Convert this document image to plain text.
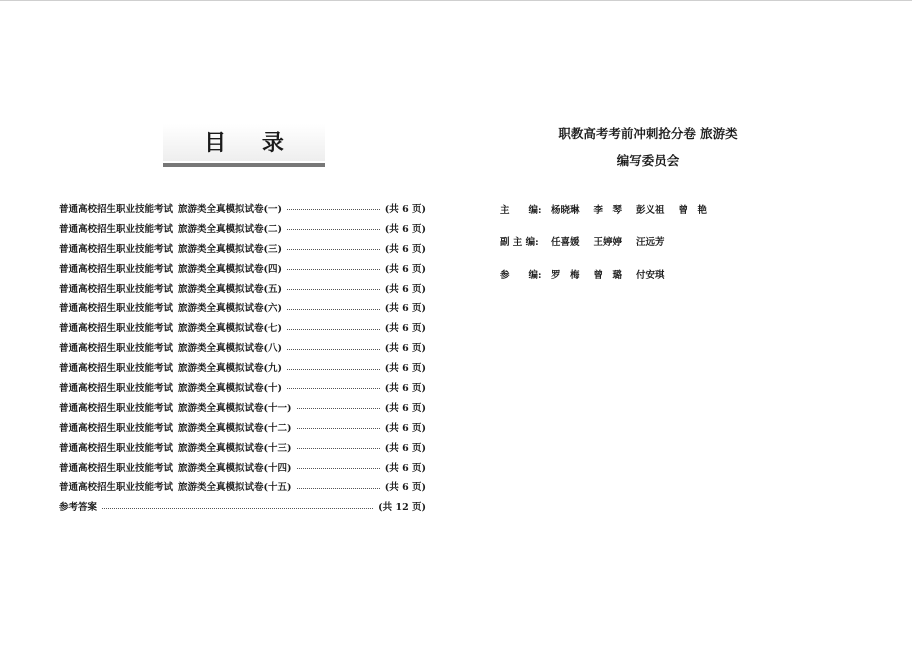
目 录
普通高校招生职业技能考试 旅游类全真模拟试卷(一)	(共 6 页)
普通高校招生职业技能考试 旅游类全真模拟试卷(二)	(共 6 页)
普通高校招生职业技能考试 旅游类全真模拟试卷(三)	(共 6 页)
普通高校招生职业技能考试 旅游类全真模拟试卷(四)	(共 6 页)
普通高校招生职业技能考试 旅游类全真模拟试卷(五)	(共 6 页)
普通高校招生职业技能考试 旅游类全真模拟试卷(六)	(共 6 页)
普通高校招生职业技能考试 旅游类全真模拟试卷(七)	(共 6 页)
普通高校招生职业技能考试 旅游类全真模拟试卷(八)	(共 6 页)
普通高校招生职业技能考试 旅游类全真模拟试卷(九)	(共 6 页)
普通高校招生职业技能考试 旅游类全真模拟试卷(十)	(共 6 页)
普通高校招生职业技能考试 旅游类全真模拟试卷(十一)	(共 6 页)
普通高校招生职业技能考试 旅游类全真模拟试卷(十二)	(共 6 页)
普通高校招生职业技能考试 旅游类全真模拟试卷(十三)	(共 6 页)
普通高校招生职业技能考试 旅游类全真模拟试卷(十四)	(共 6 页)
普通高校招生职业技能考试 旅游类全真模拟试卷(十五)	(共 6 页)
参考答案	(共 12 页)
职教高考考前冲刺抢分卷 旅游类
编写委员会
主　　编: 杨晓琳 李　琴 彭义祖 曾　艳
副 主 编:	任喜媛 王婷婷 汪远芳
参　　编: 罗　梅 曾　璐 付安琪
